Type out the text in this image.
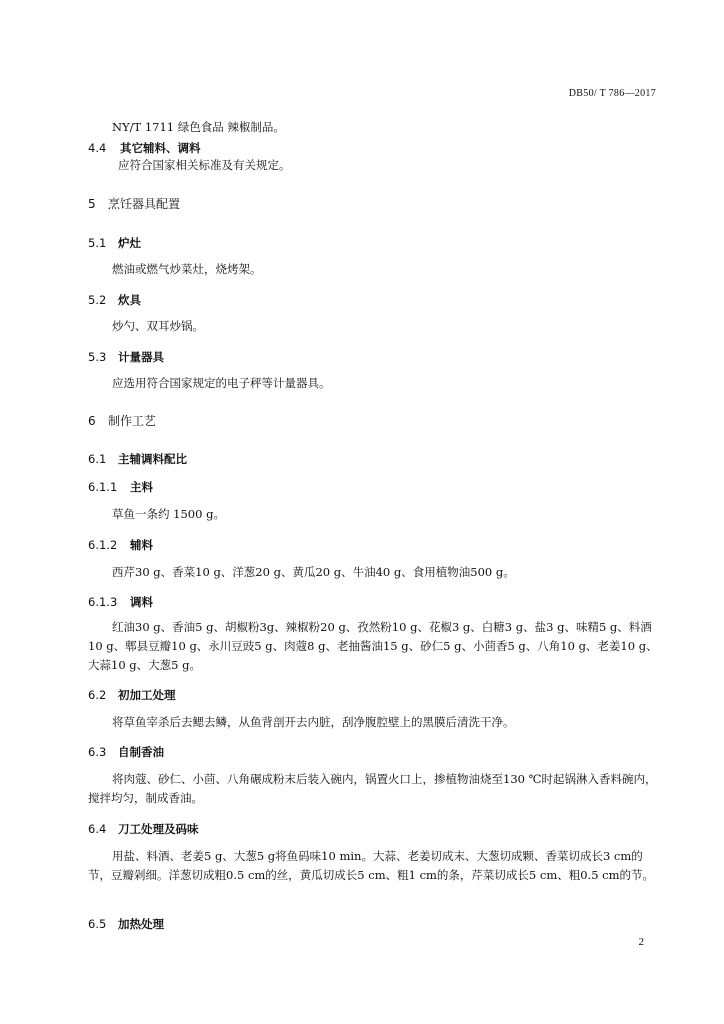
DB50/ T 786—2017
NY/T 1711 绿色食品 辣椒制品。
4.4 其它辅料、调料
应符合国家相关标准及有关规定。
5 烹饪器具配置
5.1 炉灶
燃油或燃气炒菜灶，烧烤架。
5.2 炊具
炒勺、双耳炒锅。
5.3 计量器具
应选用符合国家规定的电子秤等计量器具。
6 制作工艺
6.1 主辅调料配比
6.1.1 主料
草鱼一条约 1500 g。
6.1.2 辅料
西芹30 g、香菜10 g、洋葱20 g、黄瓜20 g、牛油40 g、食用植物油500 g。
6.1.3 调料
红油30 g、香油5 g、胡椒粉3g、辣椒粉20 g、孜然粉10 g、花椒3 g、白糖3 g、盐3 g、味精5 g、料酒10 g、郫县豆瓣10 g、永川豆豉5 g、肉蔻8 g、老抽酱油15 g、砂仁5 g、小茴香5 g、八角10 g、老姜10 g、大蒜10 g、大葱5 g。
6.2 初加工处理
将草鱼宰杀后去鳃去鳞，从鱼背剖开去内脏，刮净腹腔壁上的黑膜后清洗干净。
6.3 自制香油
将肉蔻、砂仁、小茴、八角碾成粉末后装入碗内，锅置火口上，掺植物油烧至130 ℃时起锅淋入香料碗内，搅拌均匀，制成香油。
6.4 刀工处理及码味
用盐、料酒、老姜5 g、大葱5 g将鱼码味10 min。大蒜、老姜切成末、大葱切成颗、香菜切成长3 cm的节，豆瓣剁细。洋葱切成粗0.5 cm的丝，黄瓜切成长5 cm、粗1 cm的条，芹菜切成长5 cm、粗0.5 cm的节。
6.5 加热处理
2
